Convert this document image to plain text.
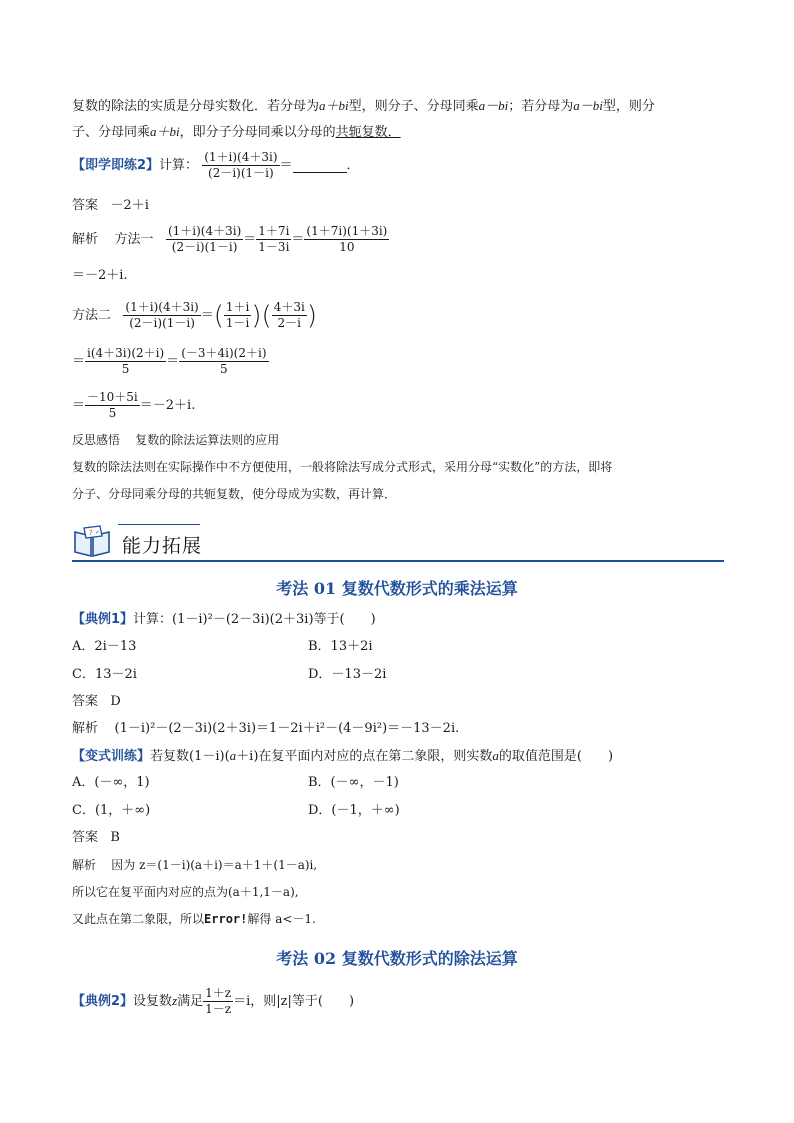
复数的除法的实质是分母实数化．若分母为a＋bi型，则分子、分母同乘a－bi；若分母为a－bi型，则分
子、分母同乘a＋bi，即分子分母同乘以分母的共轭复数．
【即学即练2】计算： $\frac{(1+i)(4+3i)}{(2-i)(1-i)}$ ＝	．
答案 －2＋i
解析 方法一 $\frac{(1+i)(4+3i)}{(2-i)(1-i)} = \frac{1+7i}{1-3i} = \frac{(1+7i)(1+3i)}{10}$
＝－2＋i.
方法二 $\frac{(1+i)(4+3i)}{(2-i)(1-i)}$ ＝( $\frac{1+i}{1-i}$ )( $\frac{4+3i}{2-i}$ )
＝ $\frac{i(4+3i)(2+i)}{5} = \frac{(-3+4i)(2+i)}{5}$
＝ $\frac{-10+5i}{5} =-2+i$.
反思感悟 复数的除法运算法则的应用
复数的除法法则在实际操作中不方便使用，一般将除法写成分式形式，采用分母“实数化”的方法，即将
分子、分母同乘分母的共轭复数，使分母成为实数，再计算．
? ✓
能力拓展
考法 01 复数代数形式的乘法运算
【典例1】计算：(1－i)²－(2－3i)(2＋3i)等于(　　)
A．2i－13	B．13＋2i
C．13－2i	D．－13－2i
答案 D
解析 (1－i)²－(2－3i)(2＋3i)＝1－2i＋i²－(4－9i²)＝－13－2i.
【变式训练】若复数(1－i)(a＋i)在复平面内对应的点在第二象限，则实数a的取值范围是(　　)
A．(－∞，1)	B．(－∞，－1)
C．(1，＋∞)	D．(－1，＋∞)
答案 B
解析 因为 z＝(1－i)(a＋i)＝a＋1＋(1－a)i,
所以它在复平面内对应的点为(a＋1,1－a),
又此点在第二象限，所以Error!解得 a<－1.
考法 02 复数代数形式的除法运算
【典例2】设复数z满足 $\frac{1+z}{1-z} =i$，则|z|等于(　　)
